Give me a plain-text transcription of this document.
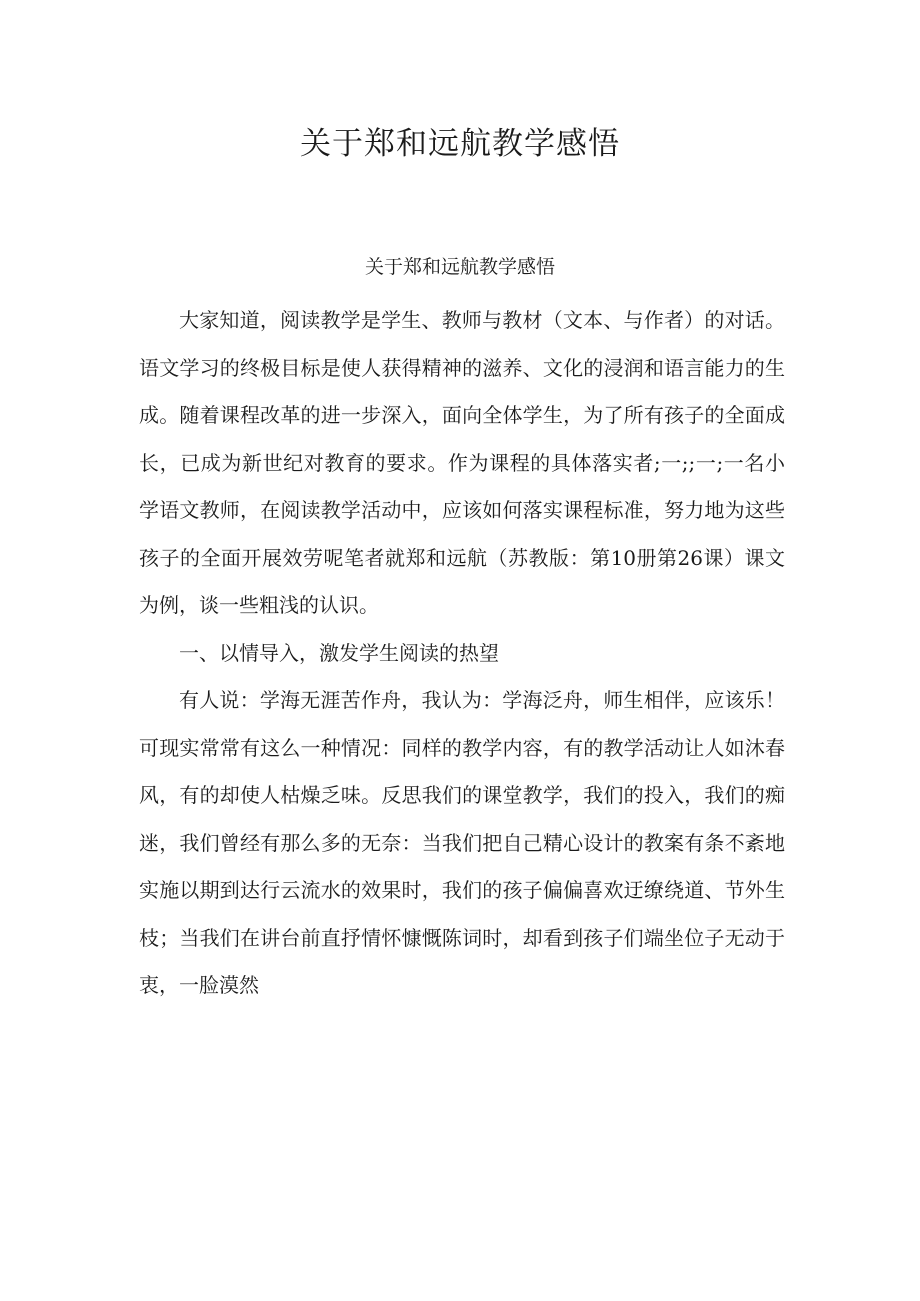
关于郑和远航教学感悟
关于郑和远航教学感悟

大家知道，阅读教学是学生、教师与教材（文本、与作者）的对话。语文学习的终极目标是使人获得精神的滋养、文化的浸润和语言能力的生成。随着课程改革的进一步深入，面向全体学生，为了所有孩子的全面成长，已成为新世纪对教育的要求。作为课程的具体落实者;一;;一;一名小学语文教师，在阅读教学活动中，应该如何落实课程标准，努力地为这些孩子的全面开展效劳呢笔者就郑和远航（苏教版：第10册第26课）课文为例，谈一些粗浅的认识。

一、以情导入，激发学生阅读的热望

有人说：学海无涯苦作舟，我认为：学海泛舟，师生相伴，应该乐！可现实常常有这么一种情况：同样的教学内容，有的教学活动让人如沐春风，有的却使人枯燥乏味。反思我们的课堂教学，我们的投入，我们的痴迷，我们曾经有那么多的无奈：当我们把自己精心设计的教案有条不紊地实施以期到达行云流水的效果时，我们的孩子偏偏喜欢迂缭绕道、节外生枝；当我们在讲台前直抒情怀慷慨陈词时，却看到孩子们端坐位子无动于衷，一脸漠然
